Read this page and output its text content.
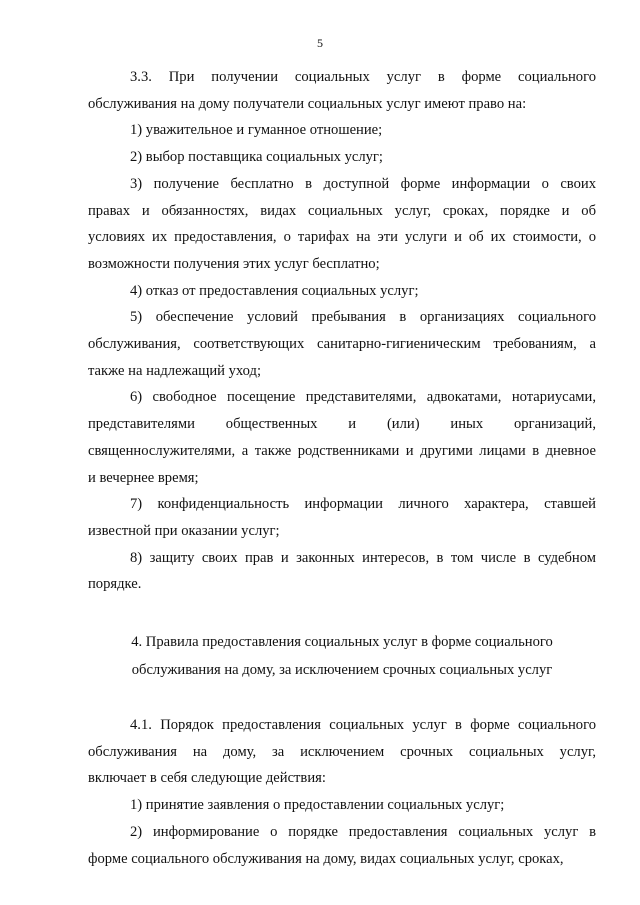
5

3.3. При получении социальных услуг в форме социального
обслуживания на дому получатели социальных услуг имеют право на:

1) уважительное и гуманное отношение;

2) выбор поставщика социальных услуг;

3) получение бесплатно в доступной форме информации о своих
правах и обязанностях, видах социальных услуг, сроках, порядке и об
условиях их предоставления, о тарифах на эти услуги и об их стоимости, о
возможности получения этих услуг бесплатно;

4) отказ от предоставления социальных услуг;

5) обеспечение условий пребывания в организациях социального
обслуживания, соответствующих санитарно-гигиеническим требованиям, а
также на надлежащий уход;

6) свободное посещение представителями, адвокатами, нотариусами,
представителями общественных и (или) иных организаций,
священнослужителями, а также родственниками и другими лицами в дневное
и вечернее время;

7) конфиденциальность информации личного характера, ставшей
известной при оказании услуг;

8) защиту своих прав и законных интересов, в том числе в судебном
порядке.

4. Правила предоставления социальных услуг в форме социального
обслуживания на дому, за исключением срочных социальных услуг

4.1. Порядок предоставления социальных услуг в форме социального
обслуживания на дому, за исключением срочных социальных услуг,
включает в себя следующие действия:

1) принятие заявления о предоставлении социальных услуг;

2) информирование о порядке предоставления социальных услуг в
форме социального обслуживания на дому, видах социальных услуг, сроках,
